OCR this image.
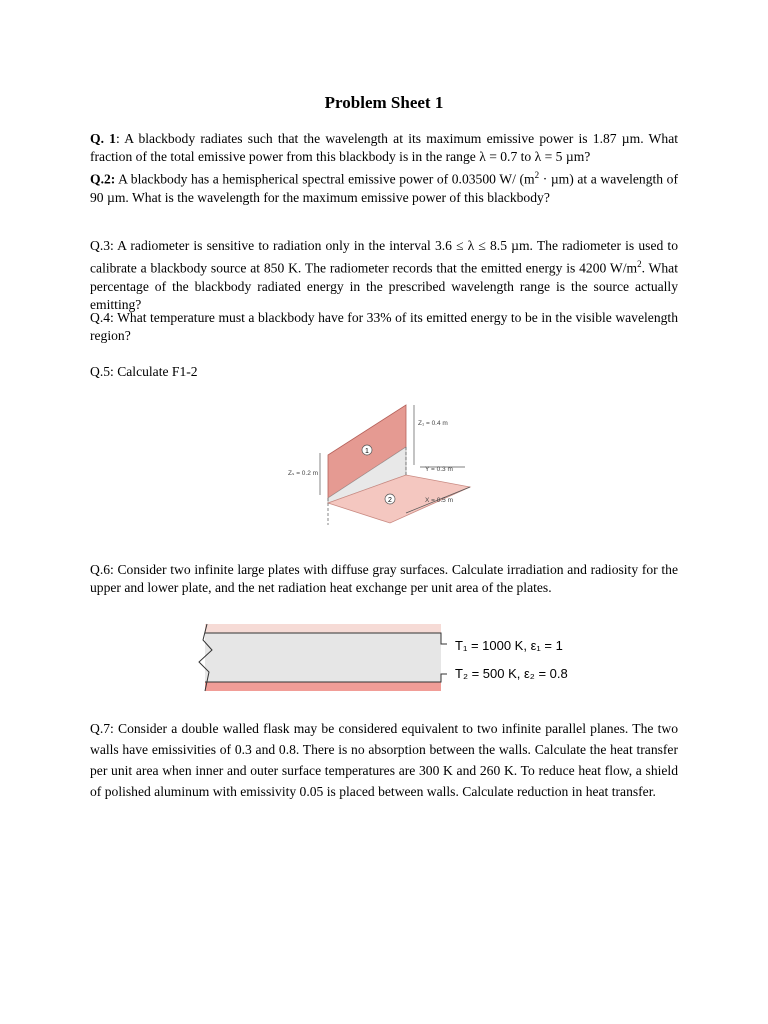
Problem Sheet 1

Q. 1: A blackbody radiates such that the wavelength at its maximum emissive power is 1.87 µm. What fraction of the total emissive power from this blackbody is in the range λ = 0.7 to λ = 5 µm?
Q.2: A blackbody has a hemispherical spectral emissive power of 0.03500 W/ $(m^2 \cdot \mu m)$ at a wavelength of 90 µm. What is the wavelength for the maximum emissive power of this blackbody?

Q.3: A radiometer is sensitive to radiation only in the interval 3.6 ≤ λ ≤ 8.5 µm. The radiometer is used to calibrate a blackbody source at 850 K. The radiometer records that the emitted energy is 4200 $W/m^2$. What percentage of the blackbody radiated energy in the prescribed wavelength range is the source actually emitting?

Q.4: What temperature must a blackbody have for 33% of its emitted energy to be in the visible wavelength region?

Q.5: Calculate F1-2

1
2
Z₁ = 0.4 m
Zₛ = 0.2 m
Y = 0.3 m
X = 0.5 m

Q.6: Consider two infinite large plates with diffuse gray surfaces. Calculate irradiation and radiosity for the upper and lower plate, and the net radiation heat exchange per unit area of the plates.

T₁ = 1000 K, ε₁ = 1
T₂ = 500 K, ε₂ = 0.8

Q.7: Consider a double walled flask may be considered equivalent to two infinite parallel planes. The two walls have emissivities of 0.3 and 0.8. There is no absorption between the walls. Calculate the heat transfer per unit area when inner and outer surface temperatures are 300 K and 260 K. To reduce heat flow, a shield of polished aluminum with emissivity 0.05 is placed between walls. Calculate reduction in heat transfer.
